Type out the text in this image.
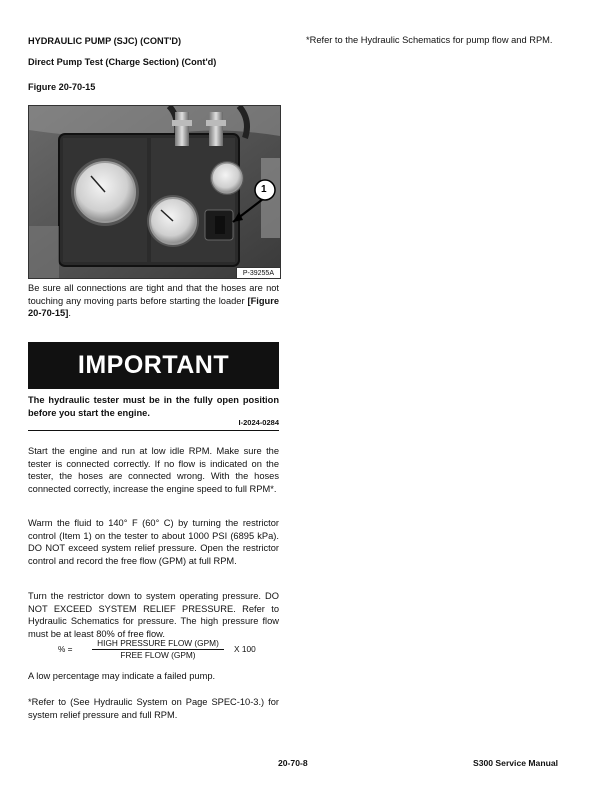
HYDRAULIC PUMP (SJC) (CONT'D)
Direct Pump Test (Charge Section) (Cont'd)
Figure 20-70-15
1
P-39255A
Be sure all connections are tight and that the hoses are not touching any moving parts before starting the loader [Figure 20-70-15].
IMPORTANT
The hydraulic tester must be in the fully open position before you start the engine.
I-2024-0284
Start the engine and run at low idle RPM. Make sure the tester is connected correctly. If no flow is indicated on the tester, the hoses are connected wrong. With the hoses connected correctly, increase the engine speed to full RPM*.
Warm the fluid to 140° F (60° C) by turning the restrictor control (Item 1) on the tester to about 1000 PSI (6895 kPa). DO NOT exceed system relief pressure. Open the restrictor control and record the free flow (GPM) at full RPM.
Turn the restrictor down to system operating pressure. DO NOT EXCEED SYSTEM RELIEF PRESSURE. Refer to Hydraulic Schematics for pressure. The high pressure flow must be at least 80% of free flow.
% =
HIGH PRESSURE FLOW (GPM)
FREE FLOW (GPM)
X 100
A low percentage may indicate a failed pump.
*Refer to (See Hydraulic System on Page SPEC-10-3.) for system relief pressure and full RPM.
*Refer to the Hydraulic Schematics for pump flow and RPM.
20-70-8	S300 Service Manual
